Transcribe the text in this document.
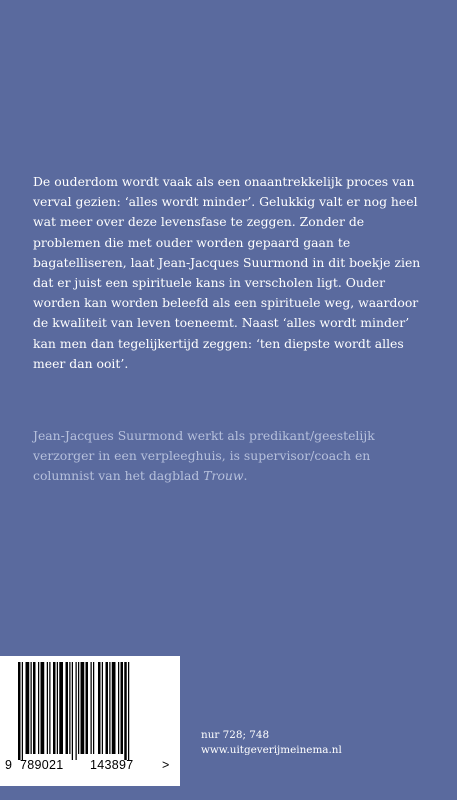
De ouderdom wordt vaak als een onaantrekkelijk proces van verval gezien: ‘alles wordt minder’. Gelukkig valt er nog heel wat meer over deze levensfase te zeggen. Zonder de problemen die met ouder worden gepaard gaan te bagatelliseren, laat Jean-Jacques Suurmond in dit boekje zien dat er juist een spirituele kans in verscholen ligt. Ouder worden kan worden beleefd als een spirituele weg, waardoor de kwaliteit van leven toeneemt. Naast ‘alles wordt minder’ kan men dan tegelijkertijd zeggen: ‘ten diepste wordt alles meer dan ooit’.

Jean-Jacques Suurmond werkt als predikant/geestelijk verzorger in een verpleeghuis, is supervisor/coach en columnist van het dagblad Trouw.

9 789021 143897 >
nur 728; 748
www.uitgeverijmeinema.nl
